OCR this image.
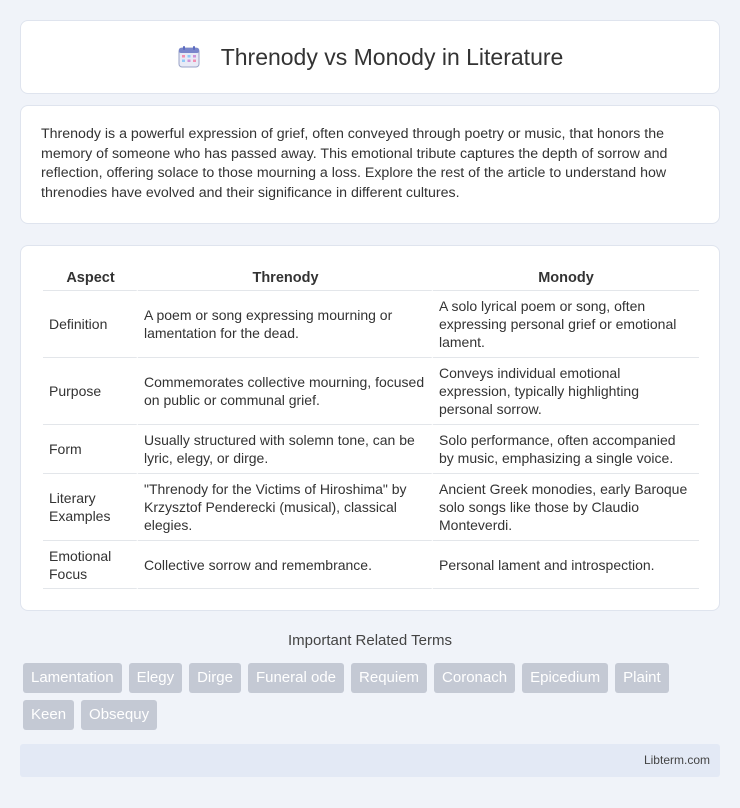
Threnody vs Monody in Literature

Threnody is a powerful expression of grief, often conveyed through poetry or music, that honors the memory of someone who has passed away. This emotional tribute captures the depth of sorrow and reflection, offering solace to those mourning a loss. Explore the rest of the article to understand how threnodies have evolved and their significance in different cultures.

Aspect	Threnody	Monody
Definition	A poem or song expressing mourning or lamentation for the dead.	A solo lyrical poem or song, often expressing personal grief or emotional lament.
Purpose	Commemorates collective mourning, focused on public or communal grief.	Conveys individual emotional expression, typically highlighting personal sorrow.
Form	Usually structured with solemn tone, can be lyric, elegy, or dirge.	Solo performance, often accompanied by music, emphasizing a single voice.
Literary Examples	"Threnody for the Victims of Hiroshima" by Krzysztof Penderecki (musical), classical elegies.	Ancient Greek monodies, early Baroque solo songs like those by Claudio Monteverdi.
Emotional Focus	Collective sorrow and remembrance.	Personal lament and introspection.
Important Related Terms
Lamentation	Elegy	Dirge	Funeral ode	Requiem	Coronach	Epicedium	Plaint
Keen	Obsequy
Libterm.com
